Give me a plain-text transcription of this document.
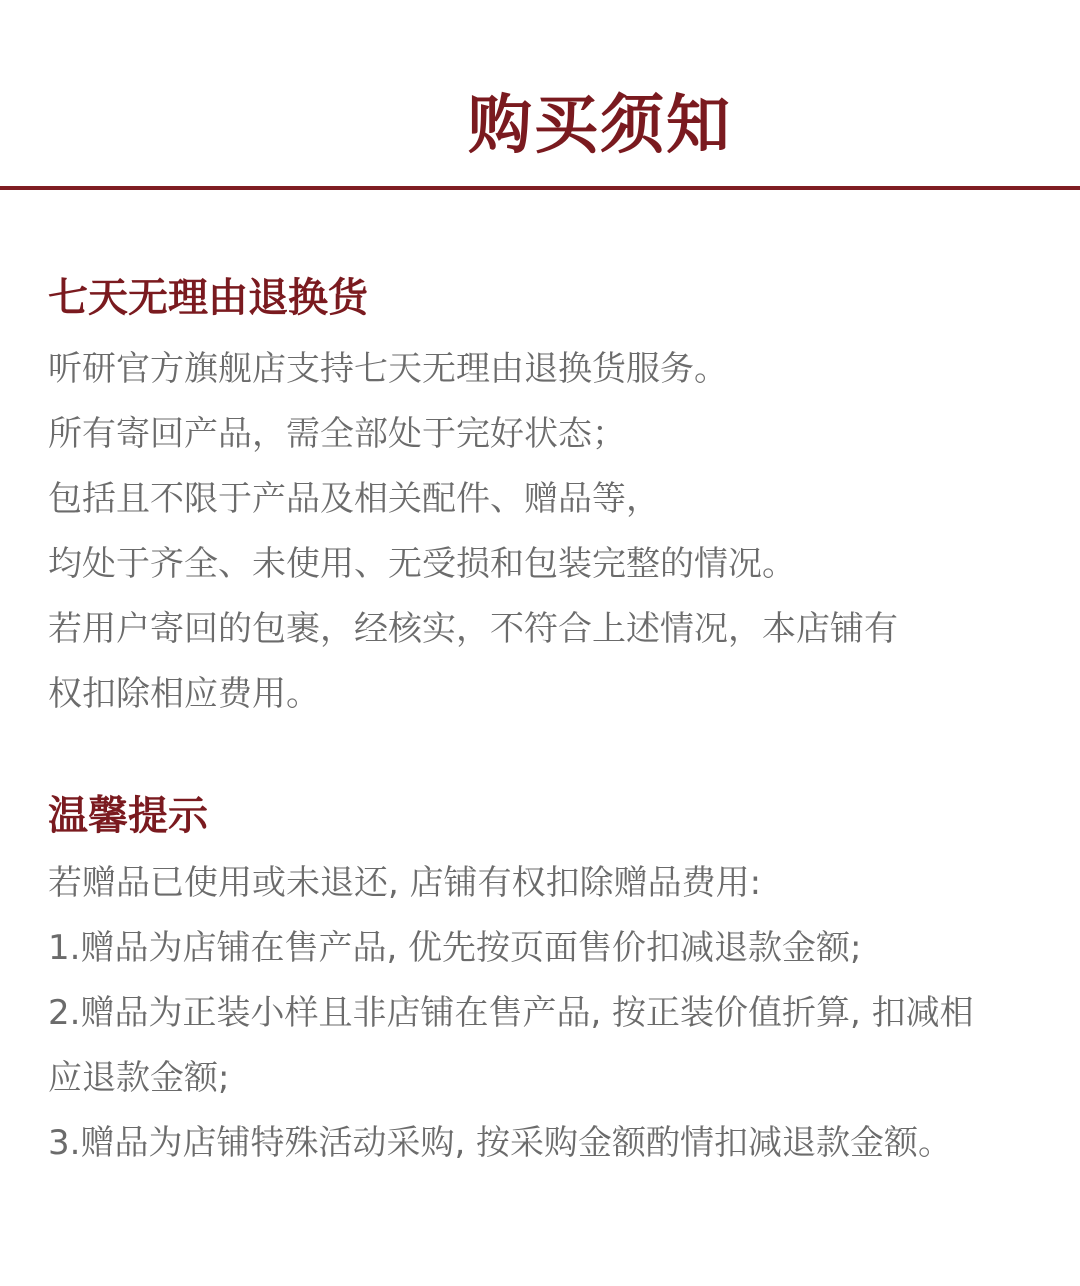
购买须知
七天无理由退换货
听研官方旗舰店支持七天无理由退换货服务。
所有寄回产品，需全部处于完好状态；
包括且不限于产品及相关配件、赠品等，
均处于齐全、未使用、无受损和包装完整的情况。
若用户寄回的包裹，经核实，不符合上述情况，本店铺有
权扣除相应费用。
温馨提示
若赠品已使用或未退还, 店铺有权扣除赠品费用:
1.赠品为店铺在售产品, 优先按页面售价扣减退款金额;
2.赠品为正装小样且非店铺在售产品, 按正装价值折算, 扣减相
应退款金额;
3.赠品为店铺特殊活动采购, 按采购金额酌情扣减退款金额。
